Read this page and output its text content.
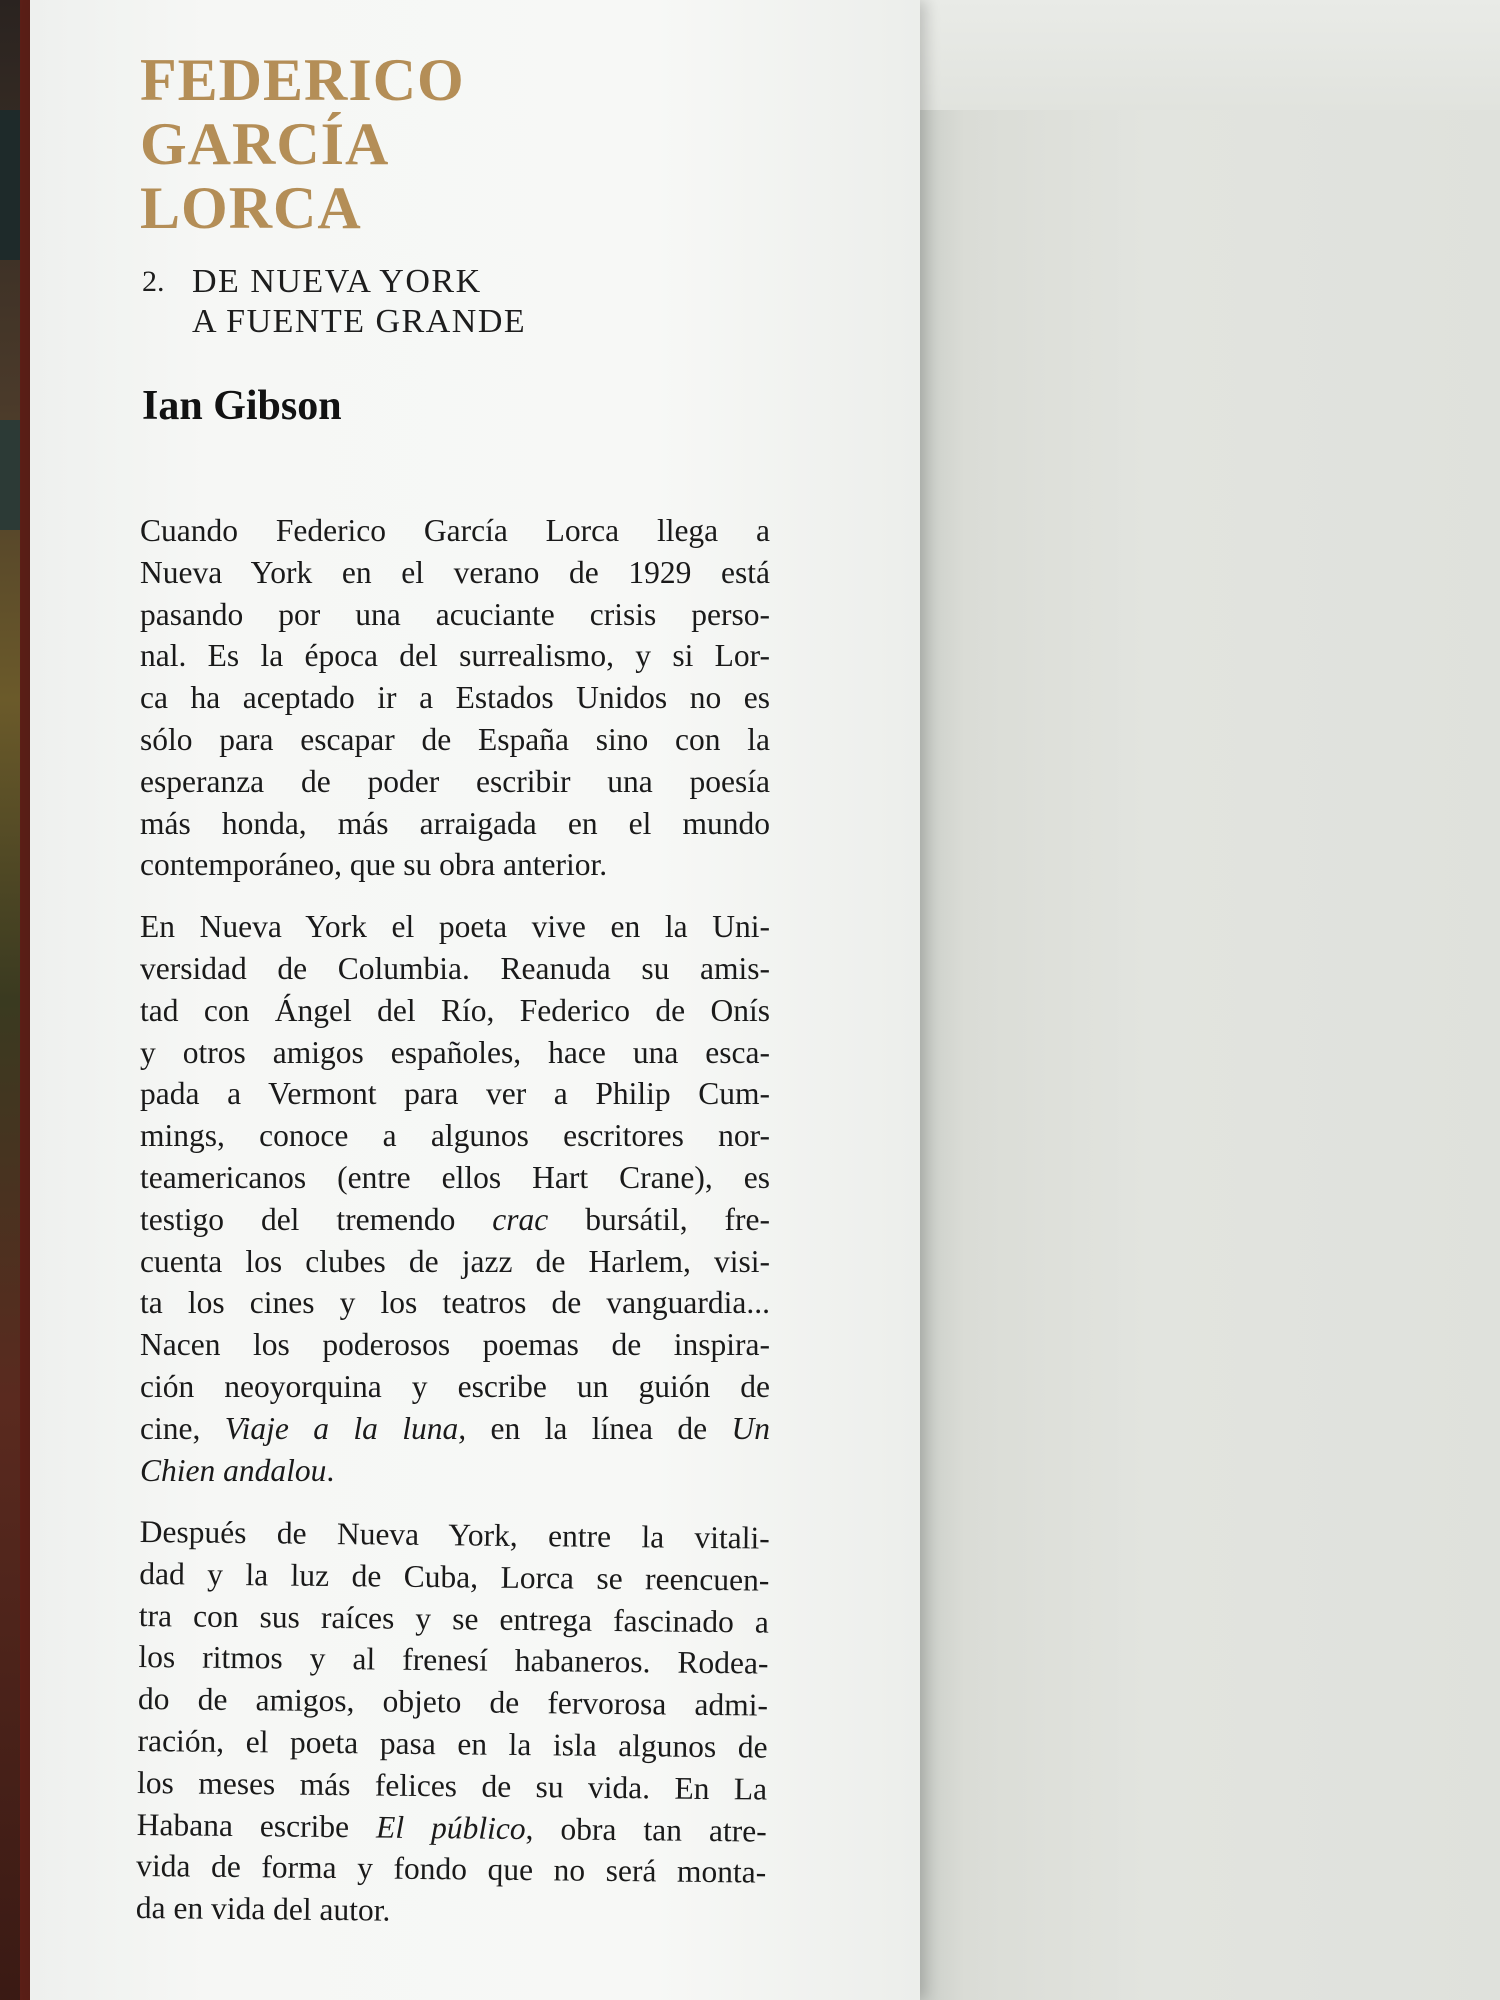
FEDERICO
GARCÍA
LORCA
2. DE NUEVA YORK
A FUENTE GRANDE
Ian Gibson

Cuando Federico García Lorca llega a
Nueva York en el verano de 1929 está
pasando por una acuciante crisis perso-
nal. Es la época del surrealismo, y si Lor-
ca ha aceptado ir a Estados Unidos no es
sólo para escapar de España sino con la
esperanza de poder escribir una poesía
más honda, más arraigada en el mundo
contemporáneo, que su obra anterior.

En Nueva York el poeta vive en la Uni-
versidad de Columbia. Reanuda su amis-
tad con Ángel del Río, Federico de Onís
y otros amigos españoles, hace una esca-
pada a Vermont para ver a Philip Cum-
mings, conoce a algunos escritores nor-
teamericanos (entre ellos Hart Crane), es
testigo del tremendo crac bursátil, fre-
cuenta los clubes de jazz de Harlem, visi-
ta los cines y los teatros de vanguardia...
Nacen los poderosos poemas de inspira-
ción neoyorquina y escribe un guión de
cine, Viaje a la luna, en la línea de Un
Chien andalou.

Después de Nueva York, entre la vitali-
dad y la luz de Cuba, Lorca se reencuen-
tra con sus raíces y se entrega fascinado a
los ritmos y al frenesí habaneros. Rodea-
do de amigos, objeto de fervorosa admi-
ración, el poeta pasa en la isla algunos de
los meses más felices de su vida. En La
Habana escribe El público, obra tan atre-
vida de forma y fondo que no será monta-
da en vida del autor.
